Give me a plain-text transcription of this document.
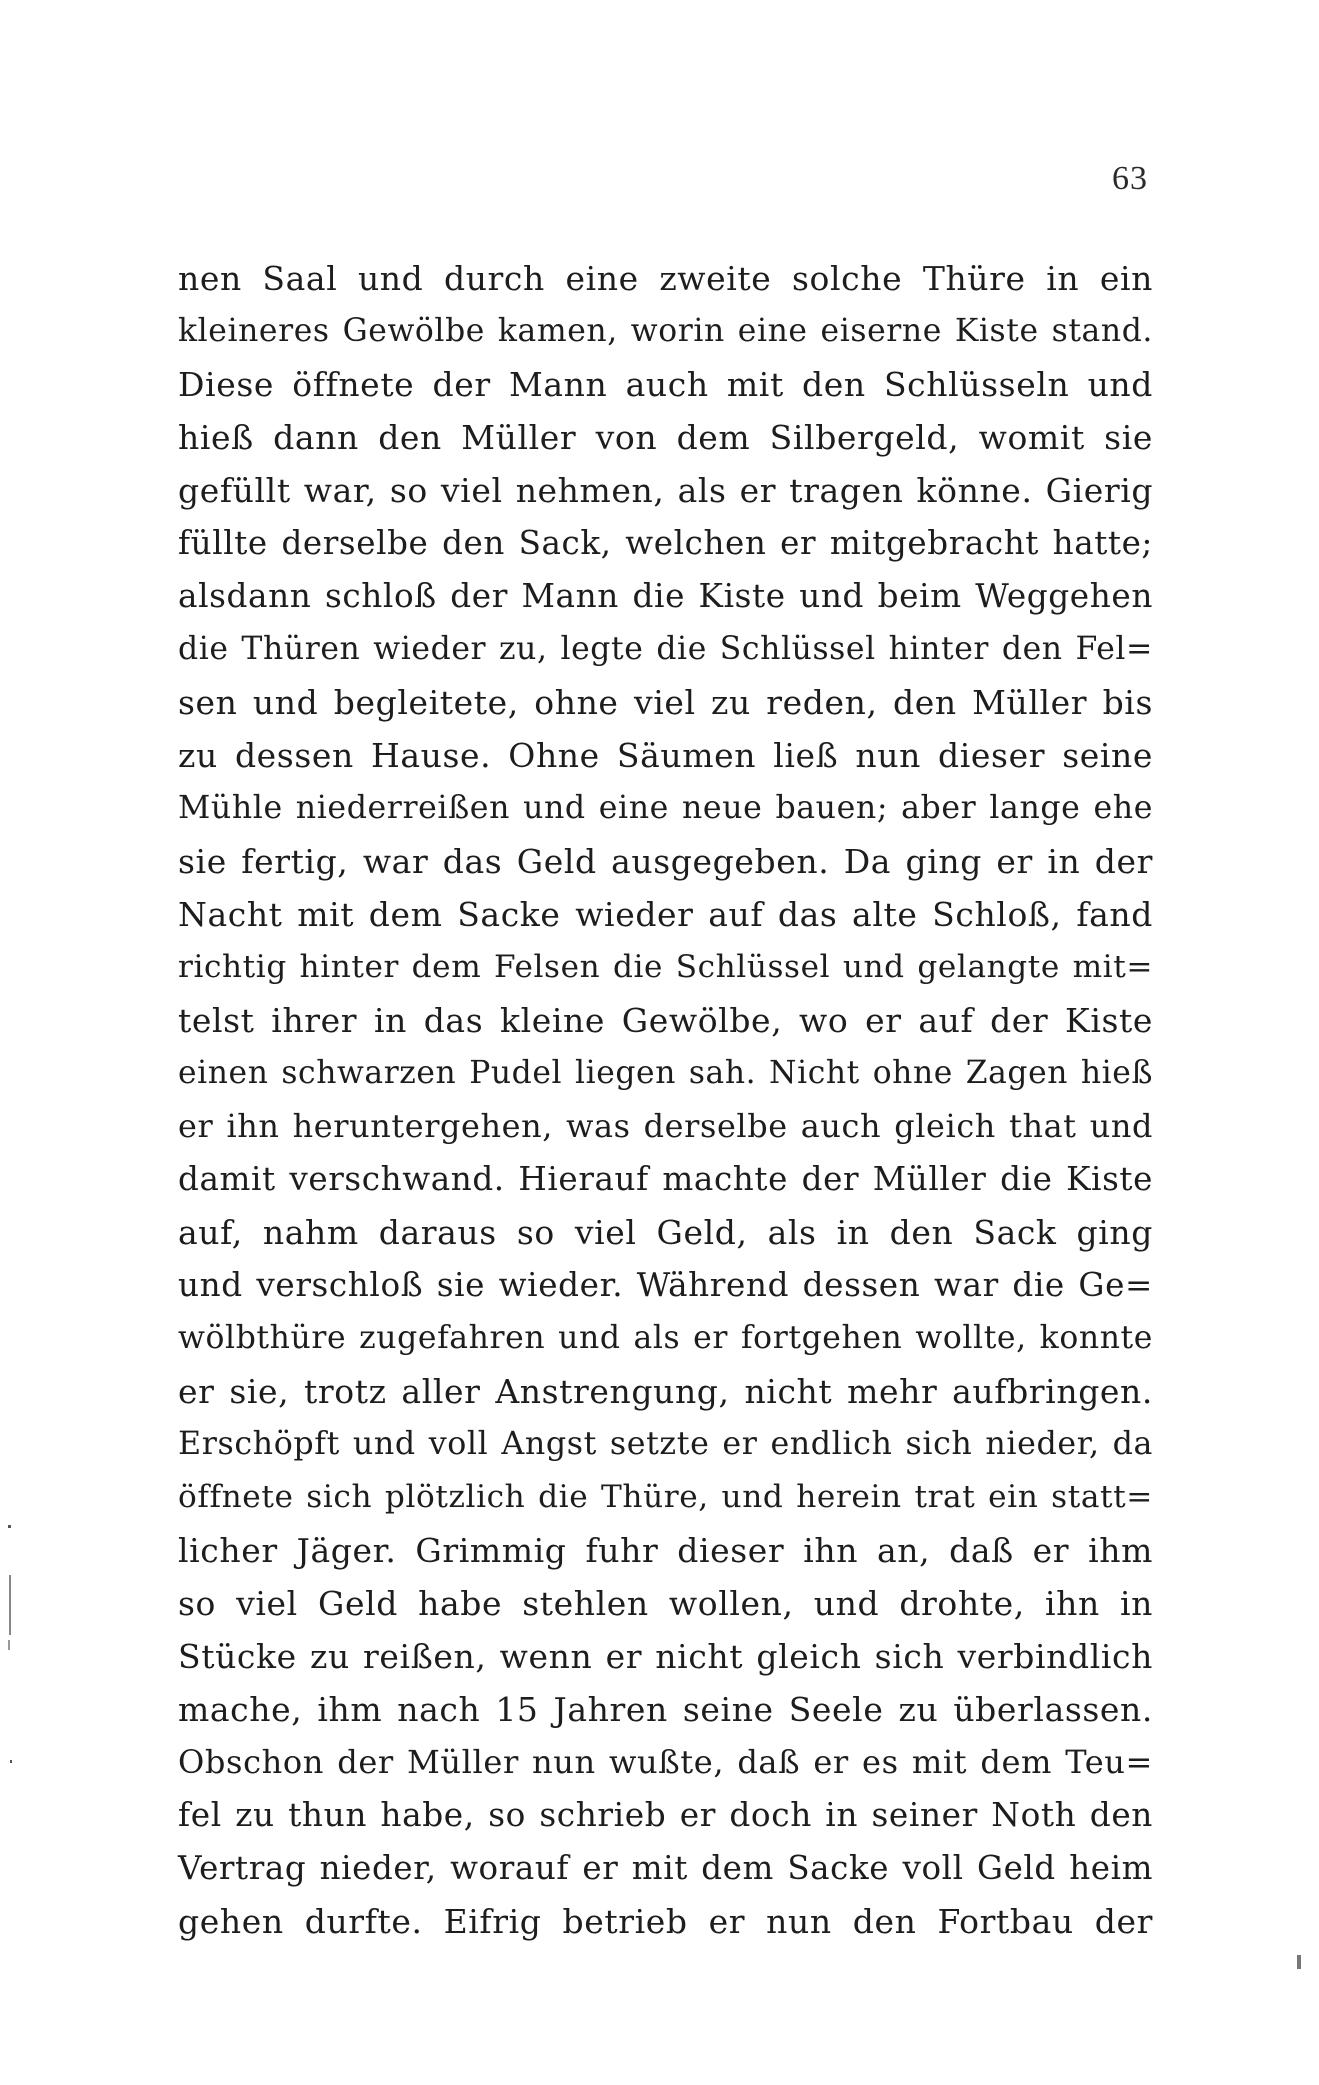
63
nen Saal und durch eine zweite solche Thüre in ein
kleineres Gewölbe kamen, worin eine eiserne Kiste stand.
Diese öffnete der Mann auch mit den Schlüsseln und
hieß dann den Müller von dem Silbergeld, womit sie
gefüllt war, so viel nehmen, als er tragen könne. Gierig
füllte derselbe den Sack, welchen er mitgebracht hatte;
alsdann schloß der Mann die Kiste und beim Weggehen
die Thüren wieder zu, legte die Schlüssel hinter den Fel=
sen und begleitete, ohne viel zu reden, den Müller bis
zu dessen Hause. Ohne Säumen ließ nun dieser seine
Mühle niederreißen und eine neue bauen; aber lange ehe
sie fertig, war das Geld ausgegeben. Da ging er in der
Nacht mit dem Sacke wieder auf das alte Schloß, fand
richtig hinter dem Felsen die Schlüssel und gelangte mit=
telst ihrer in das kleine Gewölbe, wo er auf der Kiste
einen schwarzen Pudel liegen sah. Nicht ohne Zagen hieß
er ihn heruntergehen, was derselbe auch gleich that und
damit verschwand. Hierauf machte der Müller die Kiste
auf, nahm daraus so viel Geld, als in den Sack ging
und verschloß sie wieder. Während dessen war die Ge=
wölbthüre zugefahren und als er fortgehen wollte, konnte
er sie, trotz aller Anstrengung, nicht mehr aufbringen.
Erschöpft und voll Angst setzte er endlich sich nieder, da
öffnete sich plötzlich die Thüre, und herein trat ein statt=
licher Jäger. Grimmig fuhr dieser ihn an, daß er ihm
so viel Geld habe stehlen wollen, und drohte, ihn in
Stücke zu reißen, wenn er nicht gleich sich verbindlich
mache, ihm nach 15 Jahren seine Seele zu überlassen.
Obschon der Müller nun wußte, daß er es mit dem Teu=
fel zu thun habe, so schrieb er doch in seiner Noth den
Vertrag nieder, worauf er mit dem Sacke voll Geld heim
gehen durfte. Eifrig betrieb er nun den Fortbau der
